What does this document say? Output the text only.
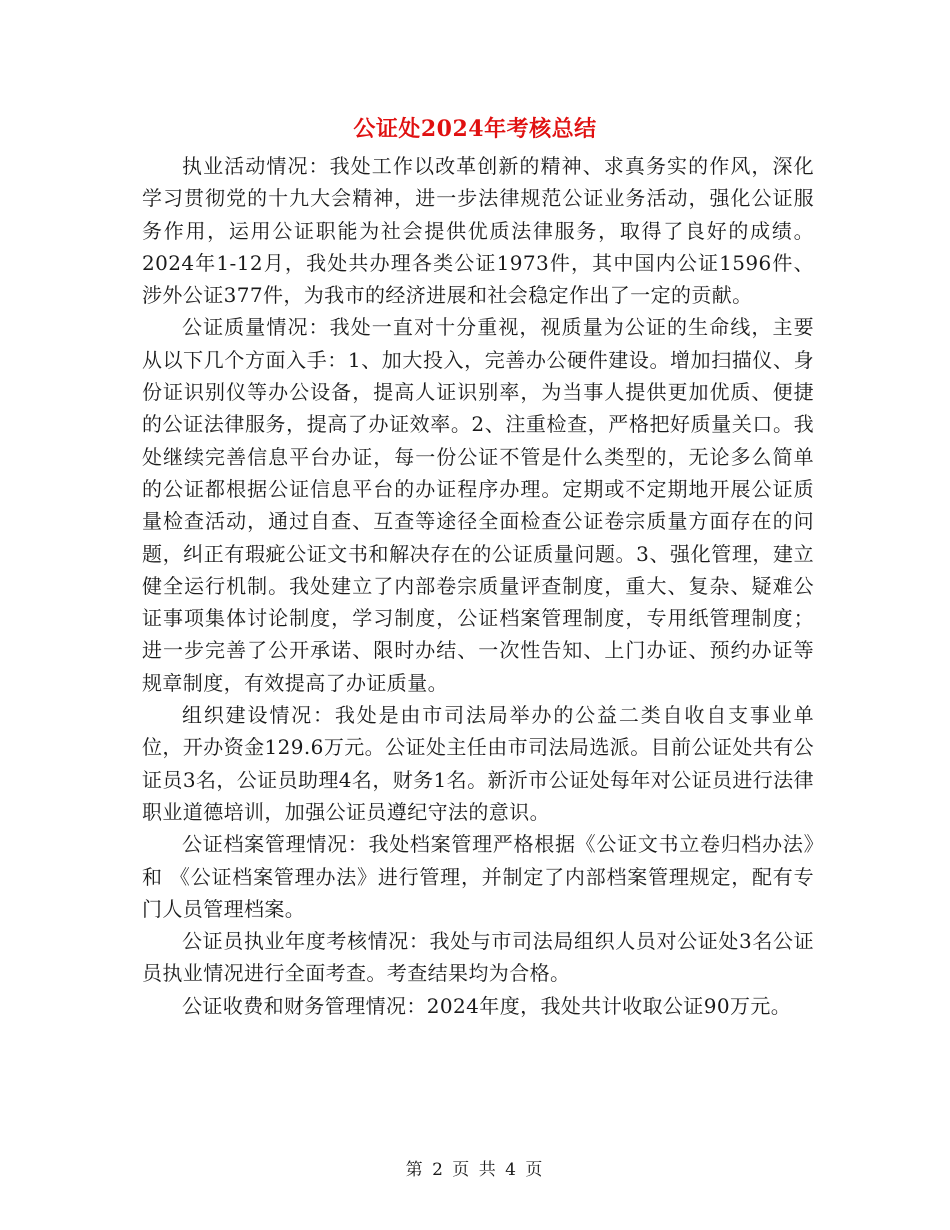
公证处2024年考核总结

执业活动情况：我处工作以改革创新的精神、求真务实的作风，深化学习贯彻党的十九大会精神，进一步法律规范公证业务活动，强化公证服务作用，运用公证职能为社会提供优质法律服务，取得了良好的成绩。2024年1-12月，我处共办理各类公证1973件，其中国内公证1596件、涉外公证377件，为我市的经济进展和社会稳定作出了一定的贡献。

公证质量情况：我处一直对十分重视，视质量为公证的生命线，主要从以下几个方面入手：1、加大投入，完善办公硬件建设。增加扫描仪、身份证识别仪等办公设备，提高人证识别率，为当事人提供更加优质、便捷的公证法律服务，提高了办证效率。2、注重检查，严格把好质量关口。我处继续完善信息平台办证，每一份公证不管是什么类型的，无论多么简单的公证都根据公证信息平台的办证程序办理。定期或不定期地开展公证质量检查活动，通过自查、互查等途径全面检查公证卷宗质量方面存在的问题，纠正有瑕疵公证文书和解决存在的公证质量问题。3、强化管理，建立健全运行机制。我处建立了内部卷宗质量评查制度，重大、复杂、疑难公证事项集体讨论制度，学习制度，公证档案管理制度，专用纸管理制度；进一步完善了公开承诺、限时办结、一次性告知、上门办证、预约办证等规章制度，有效提高了办证质量。

组织建设情况：我处是由市司法局举办的公益二类自收自支事业单位，开办资金129.6万元。公证处主任由市司法局选派。目前公证处共有公证员3名，公证员助理4名，财务1名。新沂市公证处每年对公证员进行法律职业道德培训，加强公证员遵纪守法的意识。

公证档案管理情况：我处档案管理严格根据《公证文书立卷归档办法》和 《公证档案管理办法》进行管理，并制定了内部档案管理规定，配有专门人员管理档案。

公证员执业年度考核情况：我处与市司法局组织人员对公证处3名公证员执业情况进行全面考查。考查结果均为合格。

公证收费和财务管理情况：2024年度，我处共计收取公证90万元。

第 2 页 共 4 页
